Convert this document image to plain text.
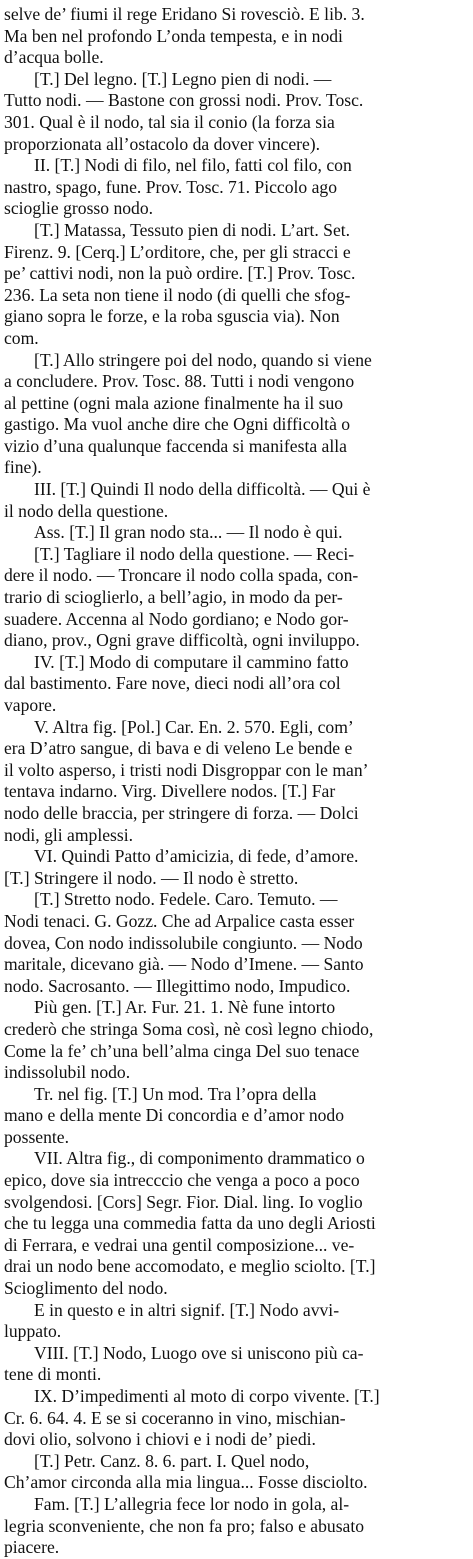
selve de’ fiumi il rege Eridano Si rovesciò. E lib. 3.
Ma ben nel profondo L’onda tempesta, e in nodi
d’acqua bolle.
[T.] Del legno. [T.] Legno pien di nodi. —
Tutto nodi. — Bastone con grossi nodi. Prov. Tosc.
301. Qual è il nodo, tal sia il conio (la forza sia
proporzionata all’ostacolo da dover vincere).
II. [T.] Nodi di filo, nel filo, fatti col filo, con
nastro, spago, fune. Prov. Tosc. 71. Piccolo ago
scioglie grosso nodo.
[T.] Matassa, Tessuto pien di nodi. L’art. Set.
Firenz. 9. [Cerq.] L’orditore, che, per gli stracci e
pe’ cattivi nodi, non la può ordire. [T.] Prov. Tosc.
236. La seta non tiene il nodo (di quelli che sfog-
giano sopra le forze, e la roba sguscia via). Non
com.
[T.] Allo stringere poi del nodo, quando si viene
a concludere. Prov. Tosc. 88. Tutti i nodi vengono
al pettine (ogni mala azione finalmente ha il suo
gastigo. Ma vuol anche dire che Ogni difficoltà o
vizio d’una qualunque faccenda si manifesta alla
fine).
III. [T.] Quindi Il nodo della difficoltà. — Qui è
il nodo della questione.
Ass. [T.] Il gran nodo sta... — Il nodo è qui.
[T.] Tagliare il nodo della questione. — Reci-
dere il nodo. — Troncare il nodo colla spada, con-
trario di scioglierlo, a bell’agio, in modo da per-
suadere. Accenna al Nodo gordiano; e Nodo gor-
diano, prov., Ogni grave difficoltà, ogni inviluppo.
IV. [T.] Modo di computare il cammino fatto
dal bastimento. Fare nove, dieci nodi all’ora col
vapore.
V. Altra fig. [Pol.] Car. En. 2. 570. Egli, com’
era D’atro sangue, di bava e di veleno Le bende e
il volto asperso, i tristi nodi Disgroppar con le man’
tentava indarno. Virg. Divellere nodos. [T.] Far
nodo delle braccia, per stringere di forza. — Dolci
nodi, gli amplessi.
VI. Quindi Patto d’amicizia, di fede, d’amore.
[T.] Stringere il nodo. — Il nodo è stretto.
[T.] Stretto nodo. Fedele. Caro. Temuto. —
Nodi tenaci. G. Gozz. Che ad Arpalice casta esser
dovea, Con nodo indissolubile congiunto. — Nodo
maritale, dicevano già. — Nodo d’Imene. — Santo
nodo. Sacrosanto. — Illegittimo nodo, Impudico.
Più gen. [T.] Ar. Fur. 21. 1. Nè fune intorto
crederò che stringa Soma così, nè così legno chiodo,
Come la fe’ ch’una bell’alma cinga Del suo tenace
indissolubil nodo.
Tr. nel fig. [T.] Un mod. Tra l’opra della
mano e della mente Di concordia e d’amor nodo
possente.
VII. Altra fig., di componimento drammatico o
epico, dove sia intrecccio che venga a poco a poco
svolgendosi. [Cors] Segr. Fior. Dial. ling. Io voglio
che tu legga una commedia fatta da uno degli Ariosti
di Ferrara, e vedrai una gentil composizione... ve-
drai un nodo bene accomodato, e meglio sciolto. [T.]
Scioglimento del nodo.
E in questo e in altri signif. [T.] Nodo avvi-
luppato.
VIII. [T.] Nodo, Luogo ove si uniscono più ca-
tene di monti.
IX. D’impedimenti al moto di corpo vivente. [T.]
Cr. 6. 64. 4. E se si coceranno in vino, mischian-
dovi olio, solvono i chiovi e i nodi de’ piedi.
[T.] Petr. Canz. 8. 6. part. I. Quel nodo,
Ch’amor circonda alla mia lingua... Fosse disciolto.
Fam. [T.] L’allegria fece lor nodo in gola, al-
legria sconveniente, che non fa pro; falso e abusato
piacere.
